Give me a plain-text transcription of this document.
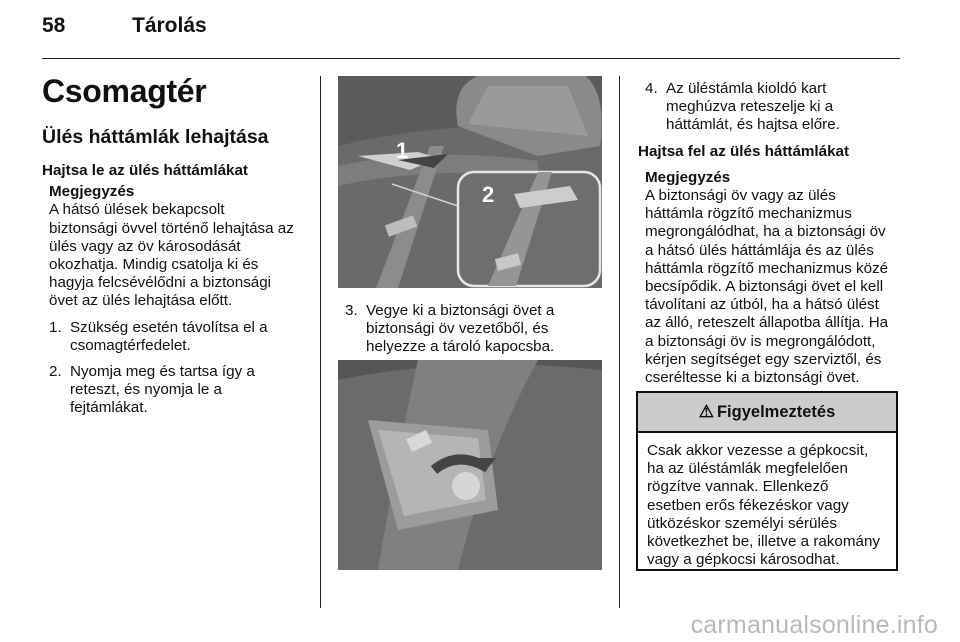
58	Tárolás
Csomagtér
Ülés háttámlák lehajtása
Hajtsa le az ülés háttámlákat
Megjegyzés
A hátsó ülések bekapcsolt
biztonsági övvel történő lehajtása az
ülés vagy az öv károsodását
okozhatja. Mindig csatolja ki és
hagyja felcsévélődni a biztonsági
övet az ülés lehajtása előtt.
1. Szükség esetén távolítsa el a
csomagtérfedelet.
2. Nyomja meg és tartsa így a
reteszt, és nyomja le a
fejtámlákat.
1
2
3. Vegye ki a biztonsági övet a
biztonsági öv vezetőből, és
helyezze a tároló kapocsba.
4. Az üléstámla kioldó kart
meghúzva reteszelje ki a
háttámlát, és hajtsa előre.
Hajtsa fel az ülés háttámlákat
Megjegyzés
A biztonsági öv vagy az ülés
háttámla rögzítő mechanizmus
megrongálódhat, ha a biztonsági öv
a hátsó ülés háttámlája és az ülés
háttámla rögzítő mechanizmus közé
becsípődik. A biztonsági övet el kell
távolítani az útból, ha a hátsó ülést
az álló, reteszelt állapotba állítja. Ha
a biztonsági öv is megrongálódott,
kérjen segítséget egy szerviztől, és
cseréltesse ki a biztonsági övet.
⚠ Figyelmeztetés
Csak akkor vezesse a gépkocsit,
ha az üléstámlák megfelelően
rögzítve vannak. Ellenkező
esetben erős fékezéskor vagy
ütközéskor személyi sérülés
következhet be, illetve a rakomány
vagy a gépkocsi károsodhat.
carmanualsonline.info
